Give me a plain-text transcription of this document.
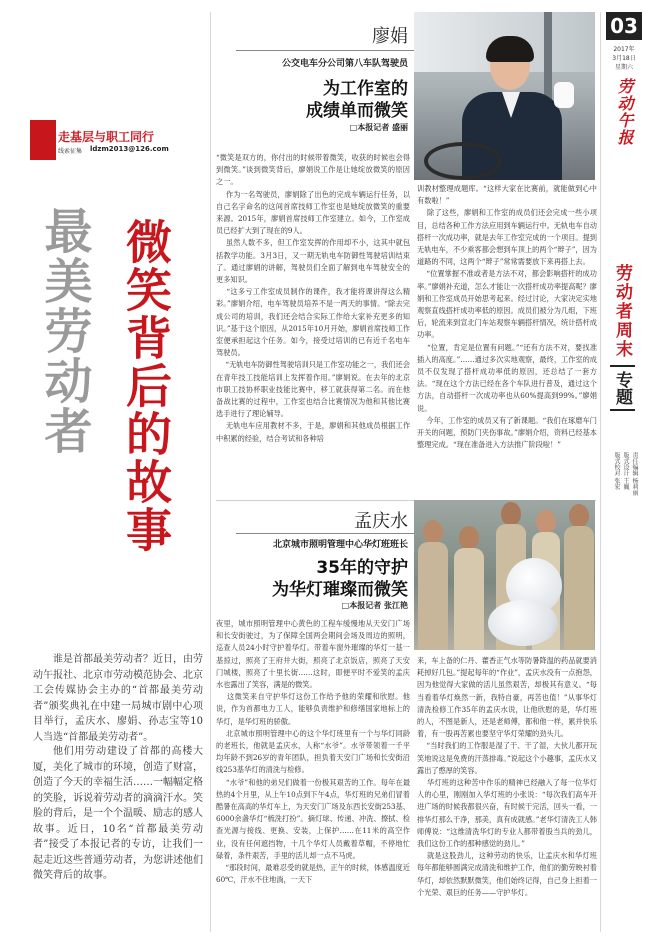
03
2017年
3月18日
星期六
劳动午报
劳动者周末
专题
责任编辑 杨莉丽
版式设计 王巍
版式校对 张宏
走基层与职工同行
线索征集 ldzm2013@126.com
微笑背后的故事
最美劳动者
谁是首都最美劳动者？近日，由劳动午报社、北京市劳动模范协会、北京工会传媒协会主办的“首都最美劳动者”颁奖典礼在中建一局城市剧中心项目举行，孟庆水、廖娟、孙志宝等10人当选“首都最美劳动者”。
他们用劳动建设了首都的高楼大厦，美化了城市的环境，创造了财富，创造了今天的幸福生活……一幅幅定格的笑脸，诉说着劳动者的滴滴汗水。笑脸的背后，是一个个温暖、励志的感人故事。近日，10名“首都最美劳动者”接受了本报记者的专访，让我们一起走近这些普通劳动者，为您讲述他们微笑背后的故事。
廖娟
公交电车分公司第八车队驾驶员
为工作室的
成绩单而微笑
□本报记者 盛丽
“微笑是双方的，你付出的时候带着微笑，收获的时候也会得到微笑。”谈到微笑背后，廖娟说工作是让她绽放微笑的原因之一。
作为一名驾驶员，廖娟除了出色的完成车辆运行任务，以自己名字命名的这间首席技师工作室也是她绽放微笑的重要来源。2015年，廖娟首席技师工作室建立。如今，工作室成员已经扩大到了现在的9人。
虽然人数不多，但工作室发挥的作用却不小，这其中就包括教学功能。3月3日，又一期无轨电车防御性驾驶培训结束了。通过廖娟的讲解，驾驶员们全面了解到电车驾驶安全的更多知识。
“这多亏工作室成员制作的课件，我才能将课讲得这么精彩。”廖娟介绍，电车驾驶员培养不是一两天的事情。“除去完成公司的培训，我们还会结合实际工作给大家补充更多的知识。”基于这个原因，从2015年10月开始，廖娟首席技师工作室便承担起这个任务。如今，接受过培训的已有近千名电车驾驶员。
“无轨电车防御性驾驶培训只是工作室功能之一，我们还会在青年技工技能培训上发挥着作用。”廖娟说。在去年的北京市职工技协杯职业技能比赛中，移工就获得第二名。而在他备战比赛的过程中，工作室也结合比赛情况为他和其他比赛选手进行了理论辅导。
无轨电车应用教材不多，于是，廖娟和其他成员根据工作中积累的经验，结合考试和各种培
训教材整理成题库。“这样大家在比赛前，就能做到心中有数啦！”
除了这些，廖娟和工作室的成员们还会完成一些小项目，总结各种工作方法应用到车辆运行中。无轨电车自动搭杆一次成功率，就是去年工作室完成的一个项目。提到无轨电车，不少乘客都会想到车顶上的两个“辫子”，因为道路的不同，这两个“辫子”常常需要放下来再搭上去。
“位置掌握不准或者是方法不对，都会影响搭杆的成功率。”廖娟补充道，怎么才能让一次搭杆成功率提高呢？廖娟和工作室成员开始思考起来。经过讨论，大家决定实地观察直线搭杆成功率低的原因。成员们被分为几组，下班后，轮流来到宣北门车站观察车辆搭杆情况，统计搭杆成功率。
“位置，肯定是位置有问题。”“还有方法不对，要找准插入的高度。”……通过多次实地观察，最终，工作室的成员不仅发现了搭杆成功率低的原因，还总结了一套方法。“现在这个方法已经在各个车队进行普及，通过这个方法，自动搭杆一次成功率也从60%提高到99%。”廖娟说。
今年，工作室的成员又有了新课题。“我们在琢磨车门开关的问题，预防门夹伤事故。”廖娟介绍，资料已经基本整理完成。“现在准备进入方法推广阶段啦！”
孟庆水
北京城市照明管理中心华灯班班长
35年的守护
为华灯璀璨而微笑
□本报记者 张江艳
夜里，城市照明管理中心黄色的工程车缓慢地从天安门广场和长安街驶过，为了保障全国两会期间会场及周边的照明，巡查人员24小时守护着华灯。带着车窗外璀璨的华灯一基一基掠过，照亮了王府井大街，照亮了北京饭店，照亮了天安门城楼，照亮了十里长街……这时，即便平时不爱笑的孟庆水也露出了笑容，满是的微笑。
这微笑来自守护华灯这份工作给予他的荣耀和欣慰。他说，作为首都电力工人，能够负责维护和修缮国家地标上的华灯，是华灯班的骄傲。
北京城市照明管理中心的这个华灯班里有一个与华灯同龄的老班长，他就是孟庆水，人称“水爷”。水爷带领着一千平均年龄不到26岁的青年团队，担负着天安门广场和长安街沿线253基华灯的清洗与检修。
“水爷”和他的弟兄们做着一份极其艰苦的工作。每年在最热的4个月里，从上午10点到下午4点，华灯班的兄弟们冒着酷暑在高高的华灯车上，为天安门广场及东西长安街253基、6000余盏华灯“梳洗打扮”。摘灯球、传递、冲洗、擦拭、检查光源与接线、更换、安装，上保护……在11米的高空作业，没有任何遮挡物，十几个华灯人员戴着草帽，不停地忙碌着，条件艰苦，手里的活儿却一点不马虎。
“那段时间，最难忍受的就是热，正午的时候，体感温度近60℃，汗水不住地淌，一天下
来，车上备的仁丹、藿香正气水等防暑降温的药品就要消耗掉好几包。”提起每年的“作业”，孟庆水没有一点抱怨，因为他觉得大家做的活儿虽然艰苦，却极其有意义。“每当看着华灯焕然一新，我特自豪，再苦也值！”从事华灯清洗检修工作35年的孟庆水说，让他欣慰的是，华灯班的人，不图是新人，还是老师傅，都和他一样，累并快乐着，有一股再苦累也要坚守华灯荣耀的劲头儿。
“当时我们的工作服是湿了干、干了湿，大伙儿都开玩笑地说这是免费的汗蒸排毒。”说起这个小趣事，孟庆水又露出了憨厚的笑容。
华灯班的这种苦中作乐的精神已经融入了每一位华灯人的心里，刚刚加入华灯班的小张说：“每次我们高车开进广场的时候我都很兴奋，有时候干完活，回头一看，一排华灯那么干净，那美，真有成就感。”老华灯清洗工人韩师傅说：“这维清洗华灯的专业人都带着股当兵的劲儿，我们这份工作的那种感觉的劲儿。”
就是这股劲儿，这种劳动的快乐，让孟庆水和华灯班每年都能够圆满完成清洗和维护工作，他们的勤劳映衬着华灯，却依然默默微笑，他们始终记得，自己身上担着一个光荣、艰巨的任务——守护华灯。
